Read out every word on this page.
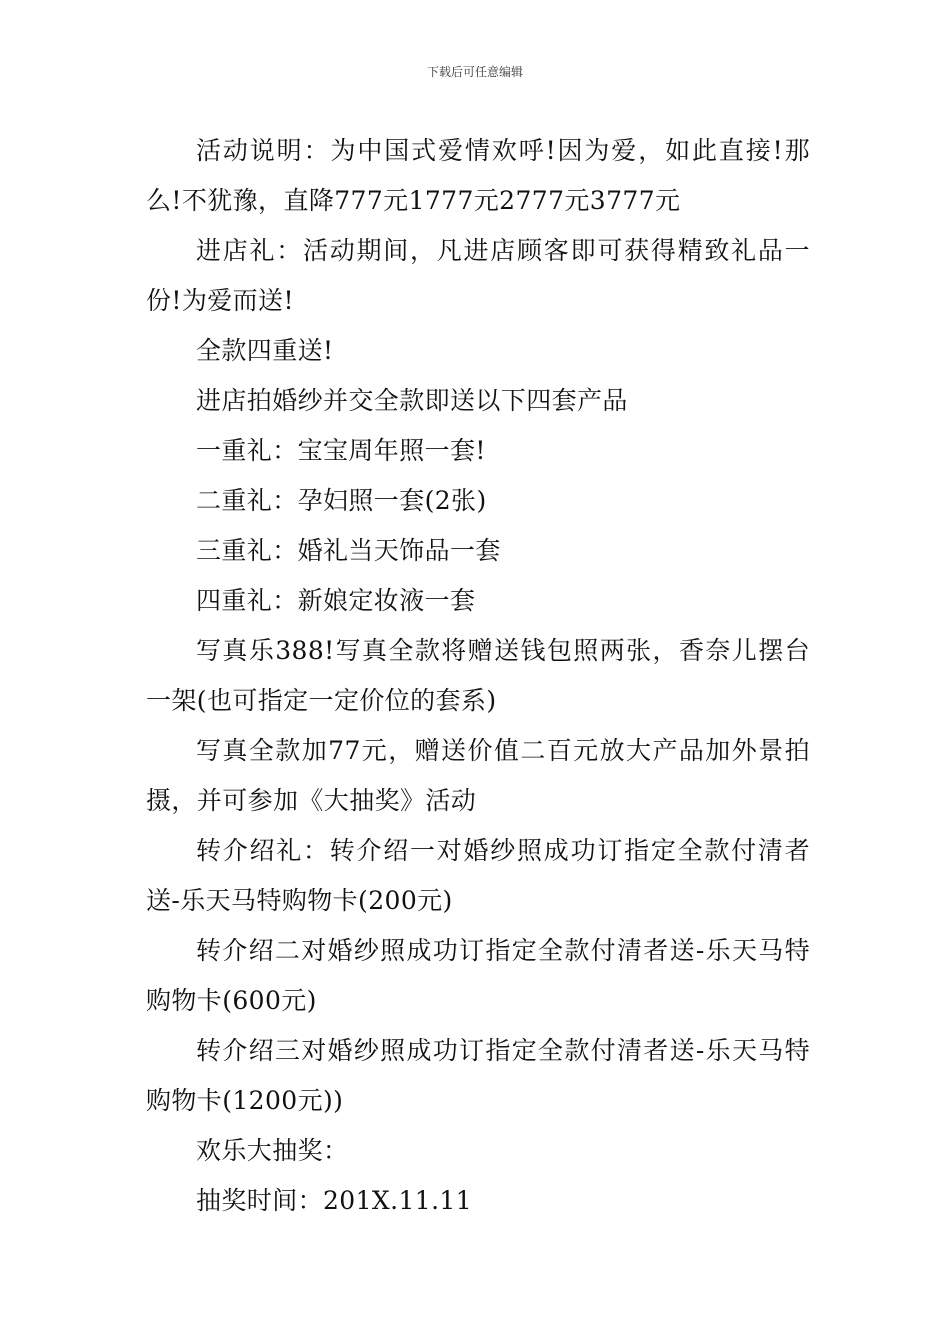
下载后可任意编辑

活动说明：为中国式爱情欢呼!因为爱，如此直接!那么!不犹豫，直降777元1777元2777元3777元

进店礼：活动期间，凡进店顾客即可获得精致礼品一份!为爱而送!

全款四重送!

进店拍婚纱并交全款即送以下四套产品

一重礼：宝宝周年照一套!

二重礼：孕妇照一套(2张)

三重礼：婚礼当天饰品一套

四重礼：新娘定妆液一套

写真乐388!写真全款将赠送钱包照两张，香奈儿摆台一架(也可指定一定价位的套系)

写真全款加77元，赠送价值二百元放大产品加外景拍摄，并可参加《大抽奖》活动

转介绍礼：转介绍一对婚纱照成功订指定全款付清者送-乐天马特购物卡(200元)

转介绍二对婚纱照成功订指定全款付清者送-乐天马特购物卡(600元)

转介绍三对婚纱照成功订指定全款付清者送-乐天马特购物卡(1200元))

欢乐大抽奖：

抽奖时间：201X.11.11
